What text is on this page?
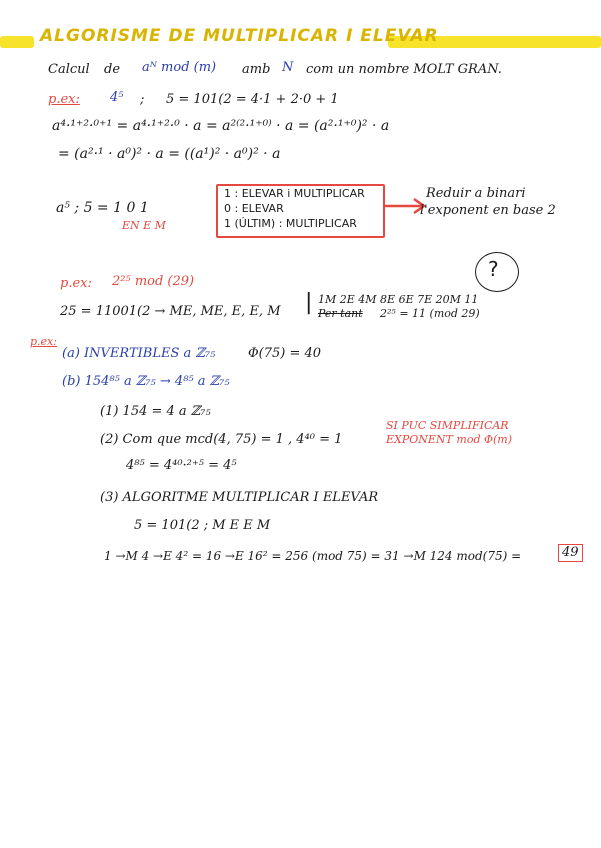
ALGORISME DE MULTIPLICAR I ELEVAR
Calcul de aᴺ mod (m) amb N com un nombre MOLT GRAN.
p.ex: 4⁵ ; 5 = 101(2 = 4·1 + 2·0 + 1
a⁴·¹⁺²·⁰⁺¹ = a⁴·¹⁺²·⁰ · a = a²⁽²·¹⁺⁰⁾ · a = (a²·¹⁺⁰)² · a
= (a²·¹ · a⁰)² · a = ((a¹)² · a⁰)² · a
a⁵ ; 5 = 1 0 1
EN E M
1 : ELEVAR i MULTIPLICAR
0 : ELEVAR
1 (ÚLTIM) : MULTIPLICAR
Reduir a binari
l'exponent en base 2
p.ex: 2²⁵ mod (29)
?
25 = 11001(2 → ME, ME, E, E, M | 1M 2E 4M 8E 6E 7E 20M 11
Per tant 2²⁵ = 11 (mod 29)
p.ex:
(a) INVERTIBLES a ℤ₇₅	Φ(75) = 40
(b) 154⁸⁵ a ℤ₇₅ → 4⁸⁵ a ℤ₇₅
(1) 154 = 4 a ℤ₇₅
(2) Com que mcd(4, 75) = 1 , 4⁴⁰ = 1
SI PUC SIMPLIFICAR
EXPONENT mod Φ(m)
4⁸⁵ = 4⁴⁰·²⁺⁵ = 4⁵
(3) ALGORITME MULTIPLICAR I ELEVAR
5 = 101(2 ; M E E M
1 →M 4 →E 4² = 16 →E 16² = 256 (mod 75) = 31 →M 124 mod(75) =	49
